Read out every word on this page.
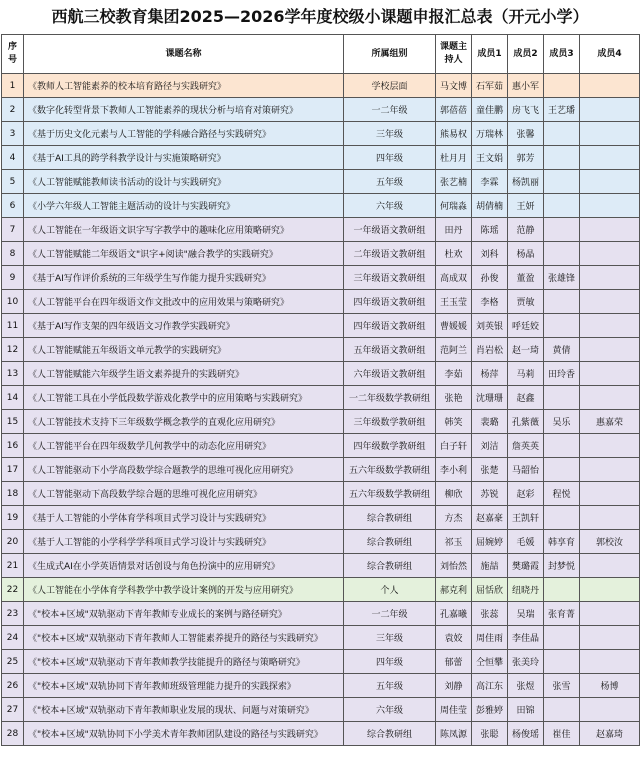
西航三校教育集团2025—2026学年度校级小课题申报汇总表（开元小学）
序号	课题名称	所属组别	课题主持人	成员1	成员2	成员3	成员4
1	《教师人工智能素养的校本培育路径与实践研究》	学校层面	马文博	石军茹	惠小军		
2	《数字化转型背景下教师人工智能素养的现状分析与培育对策研究》	一二年级	郭蓓蓓	童佳鹏	房飞飞	王艺璠	
3	《基于历史文化元素与人工智能的学科融合路径与实践研究》	三年级	熊易权	万瑞林	张馨		
4	《基于AI工具的跨学科教学设计与实施策略研究》	四年级	杜月月	王文娟	郭芳		
5	《人工智能赋能教师读书活动的设计与实践研究》	五年级	张艺楠	李霖	杨凯丽		
6	《小学六年级人工智能主题活动的设计与实践研究》	六年级	何瑞淼	胡倩楠	王妍		
7	《人工智能在一年级语文识字写字教学中的趣味化应用策略研究》	一年级语文教研组	田丹	陈瑶	范静		
8	《人工智能赋能二年级语文"识字+阅读"融合教学的实践研究》	二年级语文教研组	杜欢	刘科	杨晶		
9	《基于AI写作评价系统的三年级学生写作能力提升实践研究》	三年级语文教研组	高成双	孙俊	董盈	张雄锋	
10	《人工智能平台在四年级语文作文批改中的应用效果与策略研究》	四年级语文教研组	王玉莹	李格	贾敏		
11	《基于AI写作支架的四年级语文习作教学实践研究》	四年级语文教研组	曹媛媛	刘英银	呼廷姣		
12	《人工智能赋能五年级语文单元教学的实践研究》	五年级语文教研组	范阿兰	肖岩松	赵一琦	黄倩	
13	《人工智能赋能六年级学生语文素养提升的实践研究》	六年级语文教研组	李茹	杨萍	马莉	田玲香	
14	《人工智能工具在小学低段数学游戏化教学中的应用策略与实践研究》	一二年级数学教研组	张艳	沈珊珊	赵鑫		
15	《人工智能技术支持下三年级数学概念教学的直观化应用研究》	三年级数学教研组	韩笑	裴璐	孔紫薇	吴乐	惠嘉荣
16	《人工智能平台在四年级数学几何教学中的动态化应用研究》	四年级数学教研组	白子轩	刘洁	詹英英		
17	《人工智能驱动下小学高段数学综合题教学的思维可视化应用研究》	五六年级数学教研组	李小利	张楚	马韶怡		
18	《人工智能驱动下高段数学综合题的思维可视化应用研究》	五六年级数学教研组	柳欣	苏锐	赵彩	程悦	
19	《基于人工智能的小学体育学科项目式学习设计与实践研究》	综合教研组	方杰	赵嘉豪	王凯轩		
20	《基于人工智能的小学科学学科项目式学习设计与实践研究》	综合教研组	祁玉	屈婉婷	毛媛	韩享育	郭校汝
21	《生成式AI在小学英语情景对话创设与角色扮演中的应用研究》	综合教研组	刘怡然	施喆	樊璐霞	封梦悦	
22	《人工智能在小学体育学科教学中教学设计案例的开发与应用研究》	个人	郝克利	屈恬欣	纽晓丹		
23	《"校本+区域"双轨驱动下青年教师专业成长的案例与路径研究》	一二年级	孔嘉曦	张蕊	吴瑞	张育菁	
24	《"校本+区域"双轨驱动下青年教师人工智能素养提升的路径与实践研究》	三年级	袁姣	周佳雨	李佳晶		
25	《"校本+区域"双轨驱动下青年教师教学技能提升的路径与策略研究》	四年级	郁蕾	仝恒攀	张美玲		
26	《"校本+区域"双轨协同下青年教师班级管理能力提升的实践探索》	五年级	刘静	高江东	张煜	张雪	杨博
27	《"校本+区域"双轨驱动下青年教师职业发展的现状、问题与对策研究》	六年级	周佳莹	彭雅婷	田锦		
28	《"校本+区域"双轨协同下小学美术青年教师团队建设的路径与实践研究》	综合教研组	陈凤源	张聪	杨俊瑶	崔佳	赵嘉琦
